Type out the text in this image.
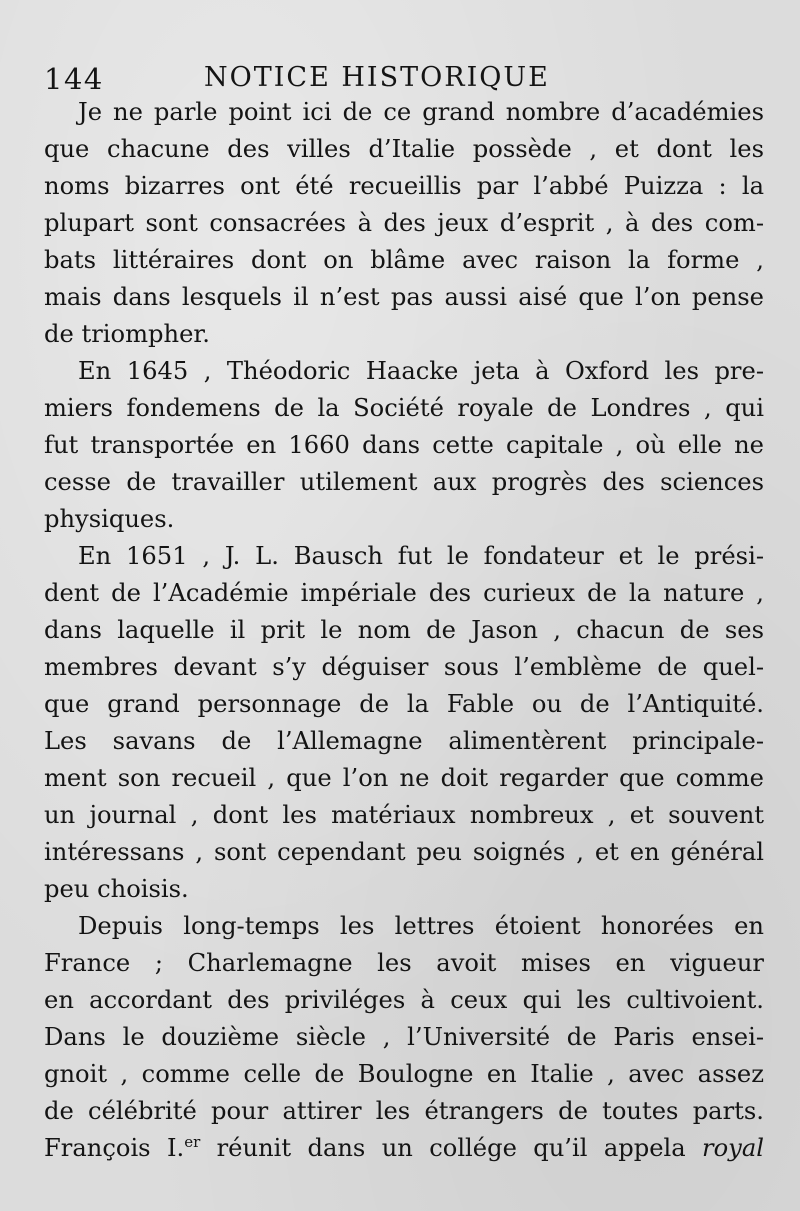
144	NOTICE HISTORIQUE
Je ne parle point ici de ce grand nombre d’académies
que chacune des villes d’Italie possède , et dont les
noms bizarres ont été recueillis par l’abbé Puizza : la
plupart sont consacrées à des jeux d’esprit , à des com-
bats littéraires dont on blâme avec raison la forme ,
mais dans lesquels il n’est pas aussi aisé que l’on pense
de triompher.
En 1645 , Théodoric Haacke jeta à Oxford les pre-
miers fondemens de la Société royale de Londres , qui
fut transportée en 1660 dans cette capitale , où elle ne
cesse de travailler utilement aux progrès des sciences
physiques.
En 1651 , J. L. Bausch fut le fondateur et le prési-
dent de l’Académie impériale des curieux de la nature ,
dans laquelle il prit le nom de Jason , chacun de ses
membres devant s’y déguiser sous l’emblème de quel-
que grand personnage de la Fable ou de l’Antiquité.
Les savans de l’Allemagne alimentèrent principale-
ment son recueil , que l’on ne doit regarder que comme
un journal , dont les matériaux nombreux , et souvent
intéressans , sont cependant peu soignés , et en général
peu choisis.
Depuis long-temps les lettres étoient honorées en
France ; Charlemagne les avoit mises en vigueur
en accordant des priviléges à ceux qui les cultivoient.
Dans le douzième siècle , l’Université de Paris ensei-
gnoit , comme celle de Boulogne en Italie , avec assez
de célébrité pour attirer les étrangers de toutes parts.
François I.$^{er}$ réunit dans un collége qu’il appela royal
